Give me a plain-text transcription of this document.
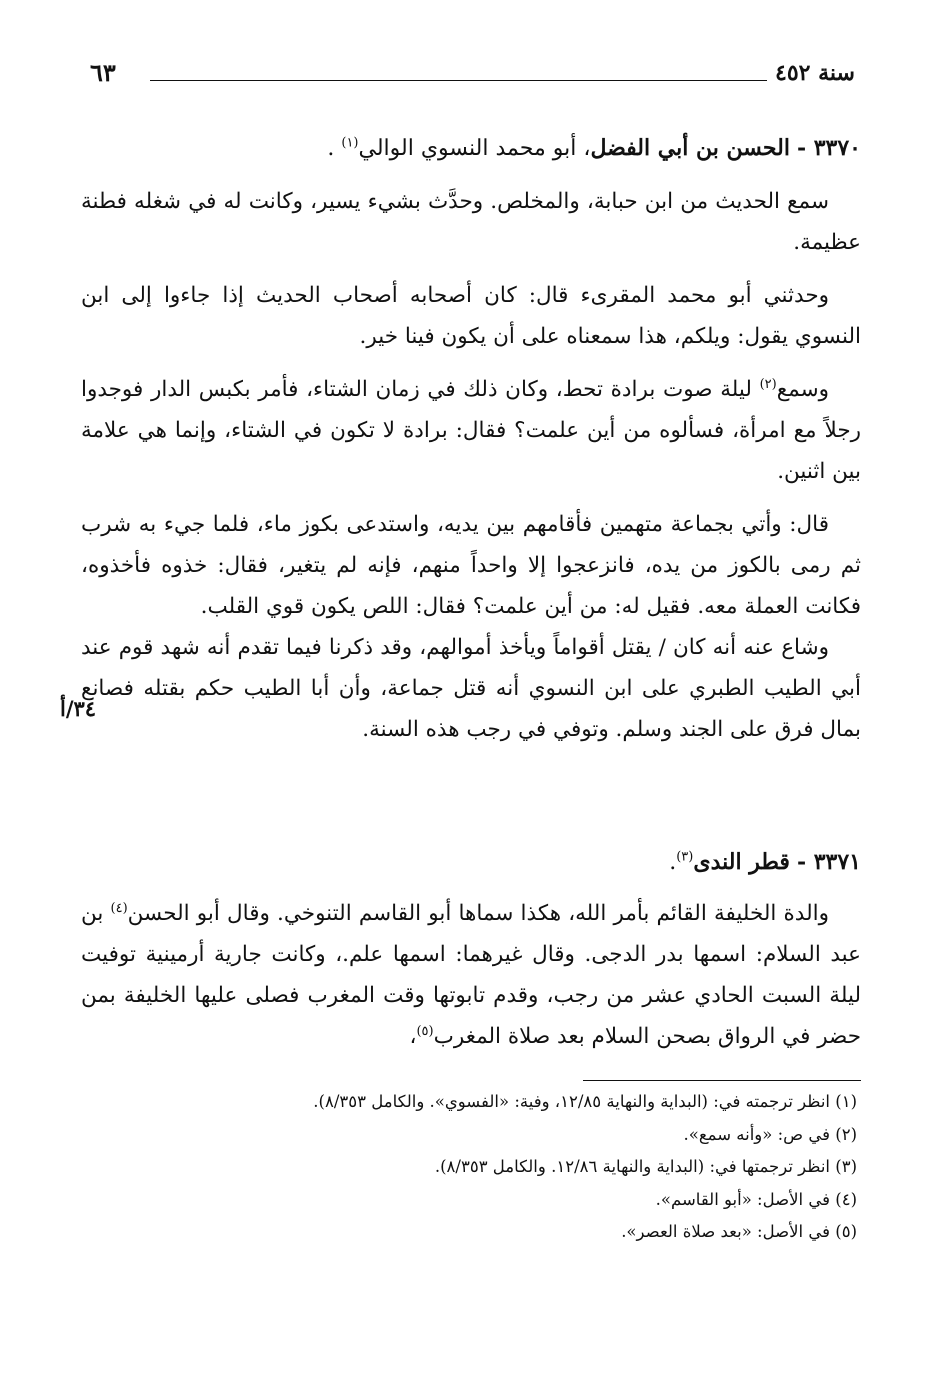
سنة ٤٥٢
٦٣
٣٣٧٠ - الحسن بن أبي الفضل، أبو محمد النسوي الوالي$^{(١)}$ .

سمع الحديث من ابن حبابة، والمخلص. وحدَّث بشيء يسير، وكانت له في شغله فطنة عظيمة.

وحدثني أبو محمد المقرىء قال: كان أصحابه أصحاب الحديث إذا جاءوا إلى ابن النسوي يقول: ويلكم، هذا سمعناه على أن يكون فينا خير.

وسمع$^{(٢)}$ ليلة صوت برادة تحط، وكان ذلك في زمان الشتاء، فأمر بكبس الدار فوجدوا رجلاً مع امرأة، فسألوه من أين علمت؟ فقال: برادة لا تكون في الشتاء، وإنما هي علامة بين اثنين.

قال: وأتي بجماعة متهمين فأقامهم بين يديه، واستدعى بكوز ماء، فلما جيء به شرب ثم رمى بالكوز من يده، فانزعجوا إلا واحداً منهم، فإنه لم يتغير، فقال: خذوه فأخذوه، فكانت العملة معه. فقيل له: من أين علمت؟ فقال: اللص يكون قوي القلب.

وشاع عنه أنه كان / يقتل أقواماً ويأخذ أموالهم، وقد ذكرنا فيما تقدم أنه شهد قوم عند أبي الطيب الطبري على ابن النسوي أنه قتل جماعة، وأن أبا الطيب حكم بقتله فصانع بمال فرق على الجند وسلم. وتوفي في رجب هذه السنة.

٣٤/أ
٣٣٧١ - قطر الندى$^{(٣)}$.

والدة الخليفة القائم بأمر الله، هكذا سماها أبو القاسم التنوخي. وقال أبو الحسن$^{(٤)}$ بن عبد السلام: اسمها بدر الدجى. وقال غيرهما: اسمها علم.، وكانت جارية أرمينية توفيت ليلة السبت الحادي عشر من رجب، وقدم تابوتها وقت المغرب فصلى عليها الخليفة بمن حضر في الرواق بصحن السلام بعد صلاة المغرب$^{(٥)}$،

(١) انظر ترجمته في: (البداية والنهاية ١٢/٨٥، وفية: «الفسوي». والكامل ٨/٣٥٣).

(٢) في ص: «وأنه سمع».

(٣) انظر ترجمتها في: (البداية والنهاية ١٢/٨٦. والكامل ٨/٣٥٣).

(٤) في الأصل: «أبو القاسم».

(٥) في الأصل: «بعد صلاة العصر».
